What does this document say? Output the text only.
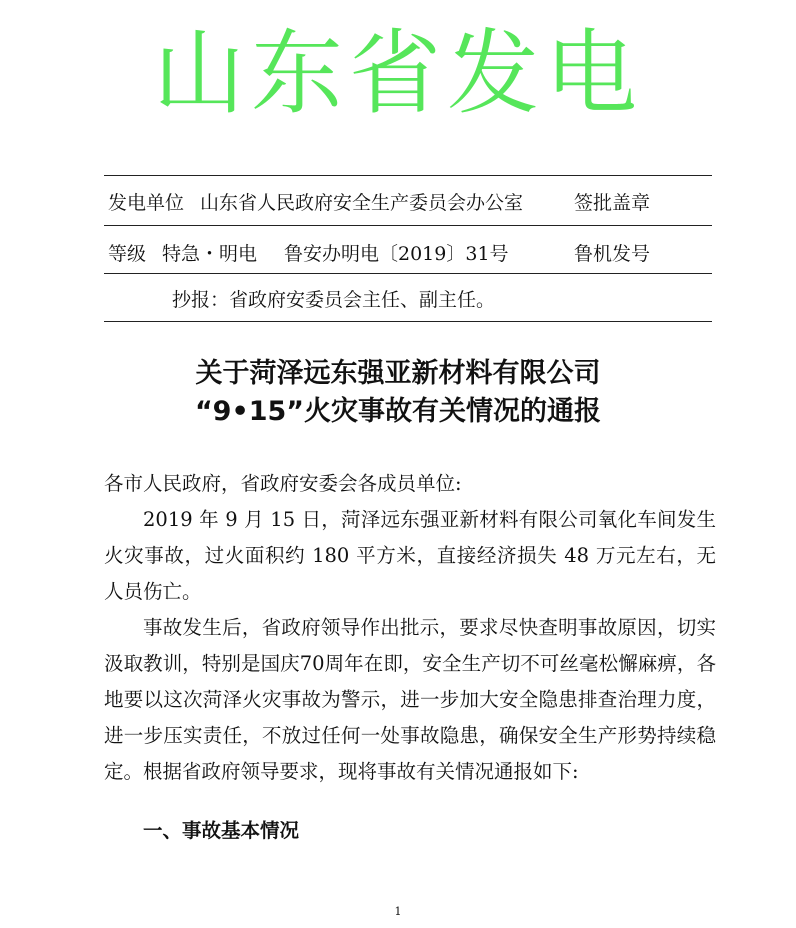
山东省发电
发电单位 山东省人民政府安全生产委员会办公室	签批盖章
等级 特急・明电 鲁安办明电〔2019〕31号	鲁机发号
抄报：省政府安委员会主任、副主任。
关于菏泽远东强亚新材料有限公司
“9•15”火灾事故有关情况的通报

各市人民政府，省政府安委会各成员单位:

2019 年 9 月 15 日，菏泽远东强亚新材料有限公司氧化车间发生火灾事故，过火面积约 180 平方米，直接经济损失 48 万元左右，无人员伤亡。

事故发生后，省政府领导作出批示，要求尽快查明事故原因，切实汲取教训，特别是国庆70周年在即，安全生产切不可丝毫松懈麻痹，各地要以这次菏泽火灾事故为警示，进一步加大安全隐患排查治理力度，进一步压实责任，不放过任何一处事故隐患，确保安全生产形势持续稳定。根据省政府领导要求，现将事故有关情况通报如下:

一、事故基本情况
1
